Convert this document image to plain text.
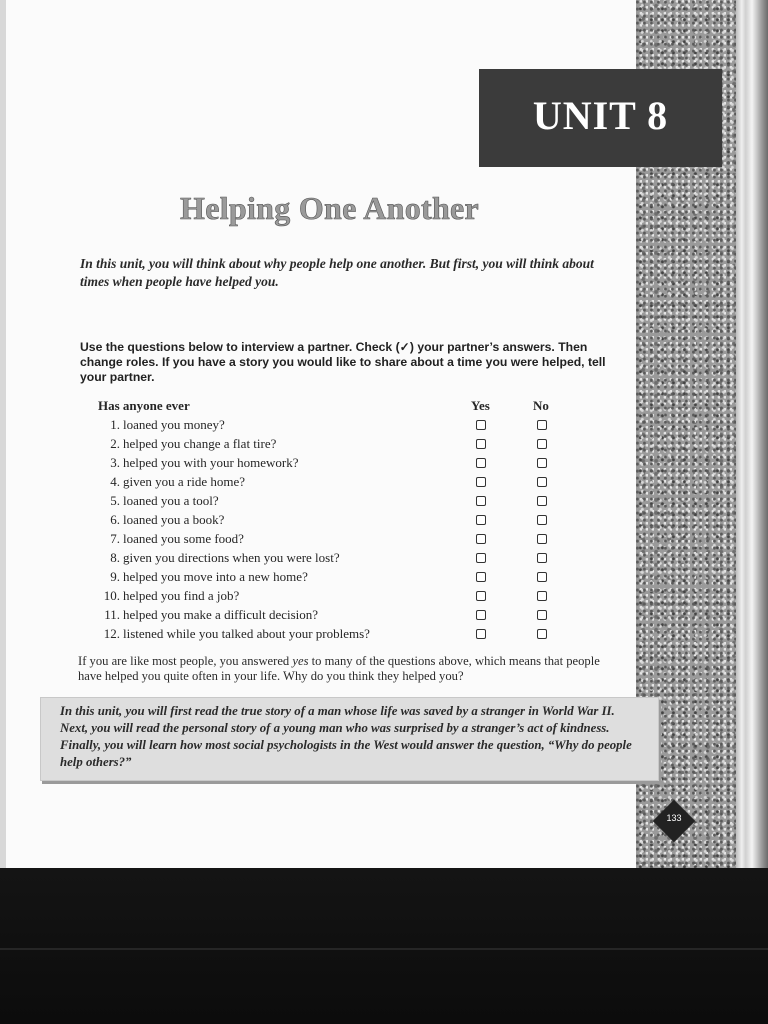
UNIT 8
Helping One Another
In this unit, you will think about why people help one another. But first, you will think about times when people have helped you.
Use the questions below to interview a partner. Check (✓) your partner’s answers. Then change roles. If you have a story you would like to share about a time you were helped, tell your partner.
Has anyone ever	Yes	No
1. loaned you money?
2. helped you change a flat tire?
3. helped you with your homework?
4. given you a ride home?
5. loaned you a tool?
6. loaned you a book?
7. loaned you some food?
8. given you directions when you were lost?
9. helped you move into a new home?
10. helped you find a job?
11. helped you make a difficult decision?
12. listened while you talked about your problems?
If you are like most people, you answered yes to many of the questions above, which means that people have helped you quite often in your life. Why do you think they helped you?
In this unit, you will first read the true story of a man whose life was saved by a stranger in World War II. Next, you will read the personal story of a young man who was surprised by a stranger’s act of kindness. Finally, you will learn how most social psychologists in the West would answer the question, “Why do people help others?”
133
